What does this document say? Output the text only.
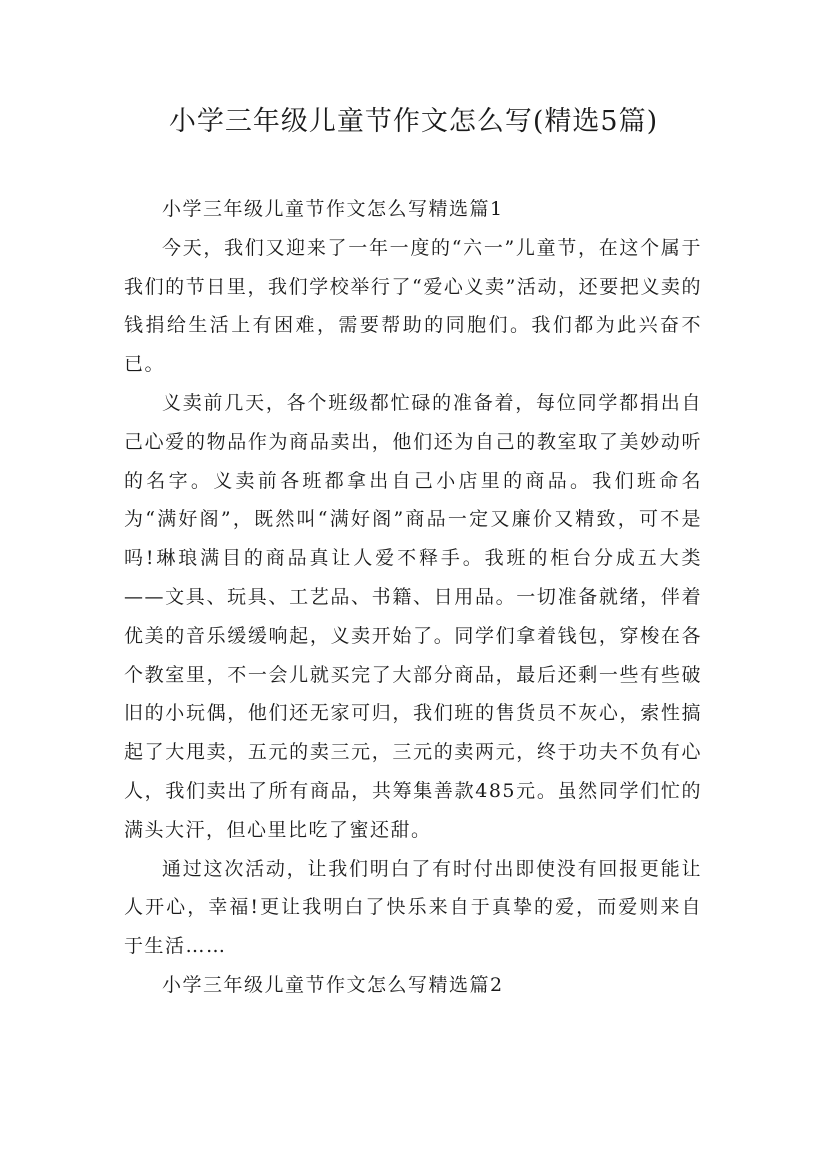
小学三年级儿童节作文怎么写(精选5篇)

小学三年级儿童节作文怎么写精选篇1

今天，我们又迎来了一年一度的“六一”儿童节，在这个属于我们的节日里，我们学校举行了“爱心义卖”活动，还要把义卖的钱捐给生活上有困难，需要帮助的同胞们。我们都为此兴奋不已。

义卖前几天，各个班级都忙碌的准备着，每位同学都捐出自己心爱的物品作为商品卖出，他们还为自己的教室取了美妙动听的名字。义卖前各班都拿出自己小店里的商品。我们班命名为“满好阁”，既然叫“满好阁”商品一定又廉价又精致，可不是吗!琳琅满目的商品真让人爱不释手。我班的柜台分成五大类——文具、玩具、工艺品、书籍、日用品。一切准备就绪，伴着优美的音乐缓缓响起，义卖开始了。同学们拿着钱包，穿梭在各个教室里，不一会儿就买完了大部分商品，最后还剩一些有些破旧的小玩偶，他们还无家可归，我们班的售货员不灰心，索性搞起了大甩卖，五元的卖三元，三元的卖两元，终于功夫不负有心人，我们卖出了所有商品，共筹集善款485元。虽然同学们忙的满头大汗，但心里比吃了蜜还甜。

通过这次活动，让我们明白了有时付出即使没有回报更能让人开心，幸福!更让我明白了快乐来自于真挚的爱，而爱则来自于生活……

小学三年级儿童节作文怎么写精选篇2
